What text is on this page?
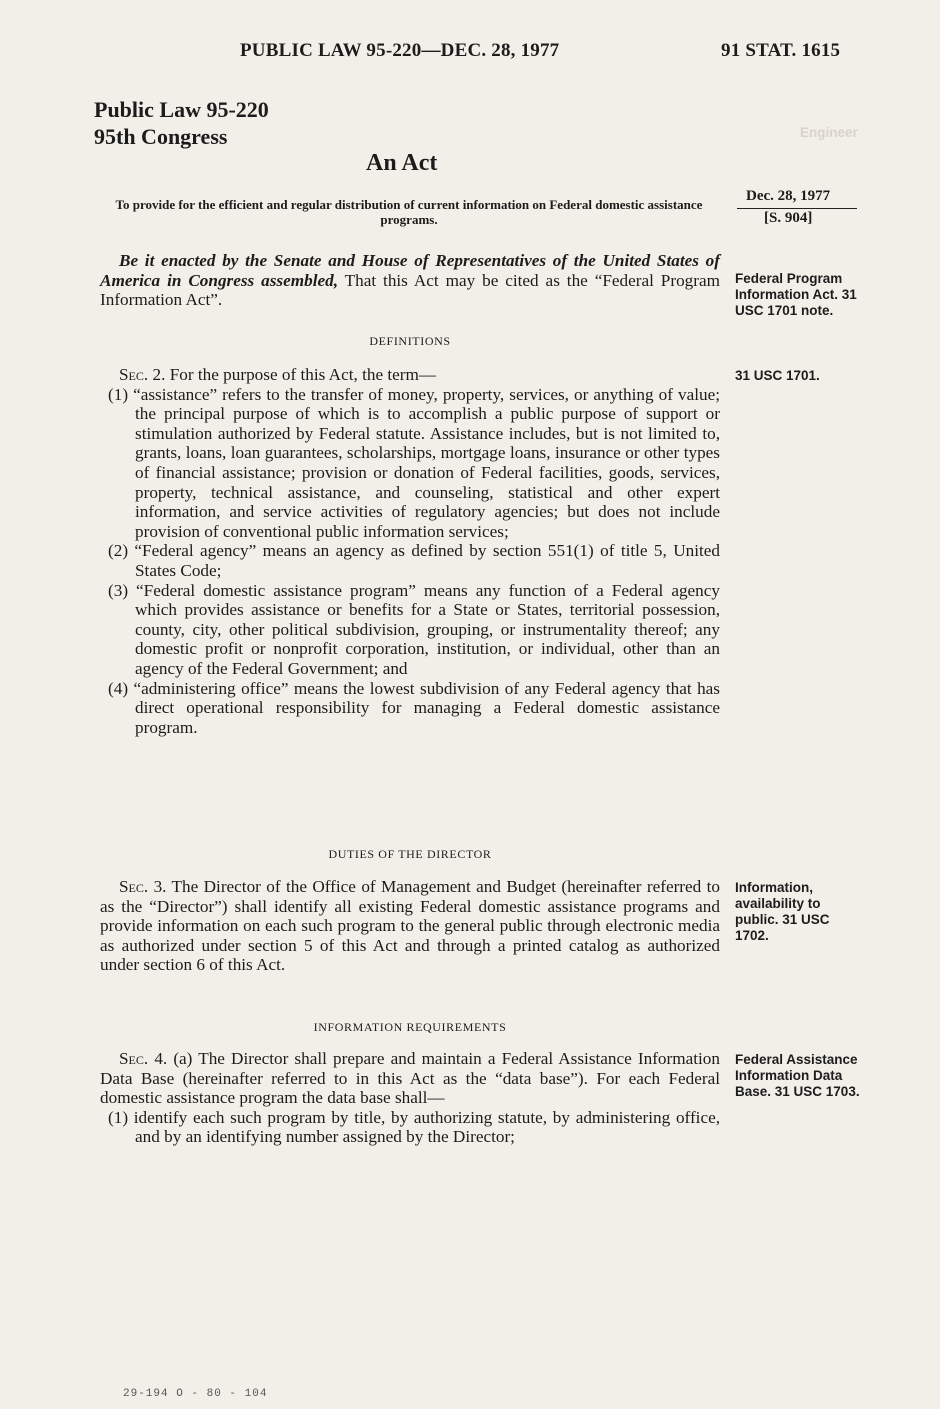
Engineer
PUBLIC LAW 95-220—DEC. 28, 1977	91 STAT. 1615
Public Law 95-220
95th Congress
An Act
To provide for the efficient and regular distribution of current information on Federal domestic assistance programs.

Be it enacted by the Senate and House of Representatives of the United States of America in Congress assembled, That this Act may be cited as the “Federal Program Information Act”.

DEFINITIONS

Sec. 2. For the purpose of this Act, the term—

(1) “assistance” refers to the transfer of money, property, services, or anything of value; the principal purpose of which is to accomplish a public purpose of support or stimulation authorized by Federal statute. Assistance includes, but is not limited to, grants, loans, loan guarantees, scholarships, mortgage loans, insurance or other types of financial assistance; provision or donation of Federal facilities, goods, services, property, technical assistance, and counseling, statistical and other expert information, and service activities of regulatory agencies; but does not include provision of conventional public information services;

(2) “Federal agency” means an agency as defined by section 551(1) of title 5, United States Code;

(3) “Federal domestic assistance program” means any function of a Federal agency which provides assistance or benefits for a State or States, territorial possession, county, city, other political subdivision, grouping, or instrumentality thereof; any domestic profit or nonprofit corporation, institution, or individual, other than an agency of the Federal Government; and

(4) “administering office” means the lowest subdivision of any Federal agency that has direct operational responsibility for managing a Federal domestic assistance program.

DUTIES OF THE DIRECTOR

Sec. 3. The Director of the Office of Management and Budget (hereinafter referred to as the “Director”) shall identify all existing Federal domestic assistance programs and provide information on each such program to the general public through electronic media as authorized under section 5 of this Act and through a printed catalog as authorized under section 6 of this Act.

INFORMATION REQUIREMENTS

Sec. 4. (a) The Director shall prepare and maintain a Federal Assistance Information Data Base (hereinafter referred to in this Act as the “data base”). For each Federal domestic assistance program the data base shall—

(1) identify each such program by title, by authorizing statute, by administering office, and by an identifying number assigned by the Director;

Dec. 28, 1977
[S. 904]
Federal Program Information Act. 31 USC 1701 note.
31 USC 1701.
Information, availability to public. 31 USC 1702.
Federal Assistance Information Data Base. 31 USC 1703.
29-194 O - 80 - 104
